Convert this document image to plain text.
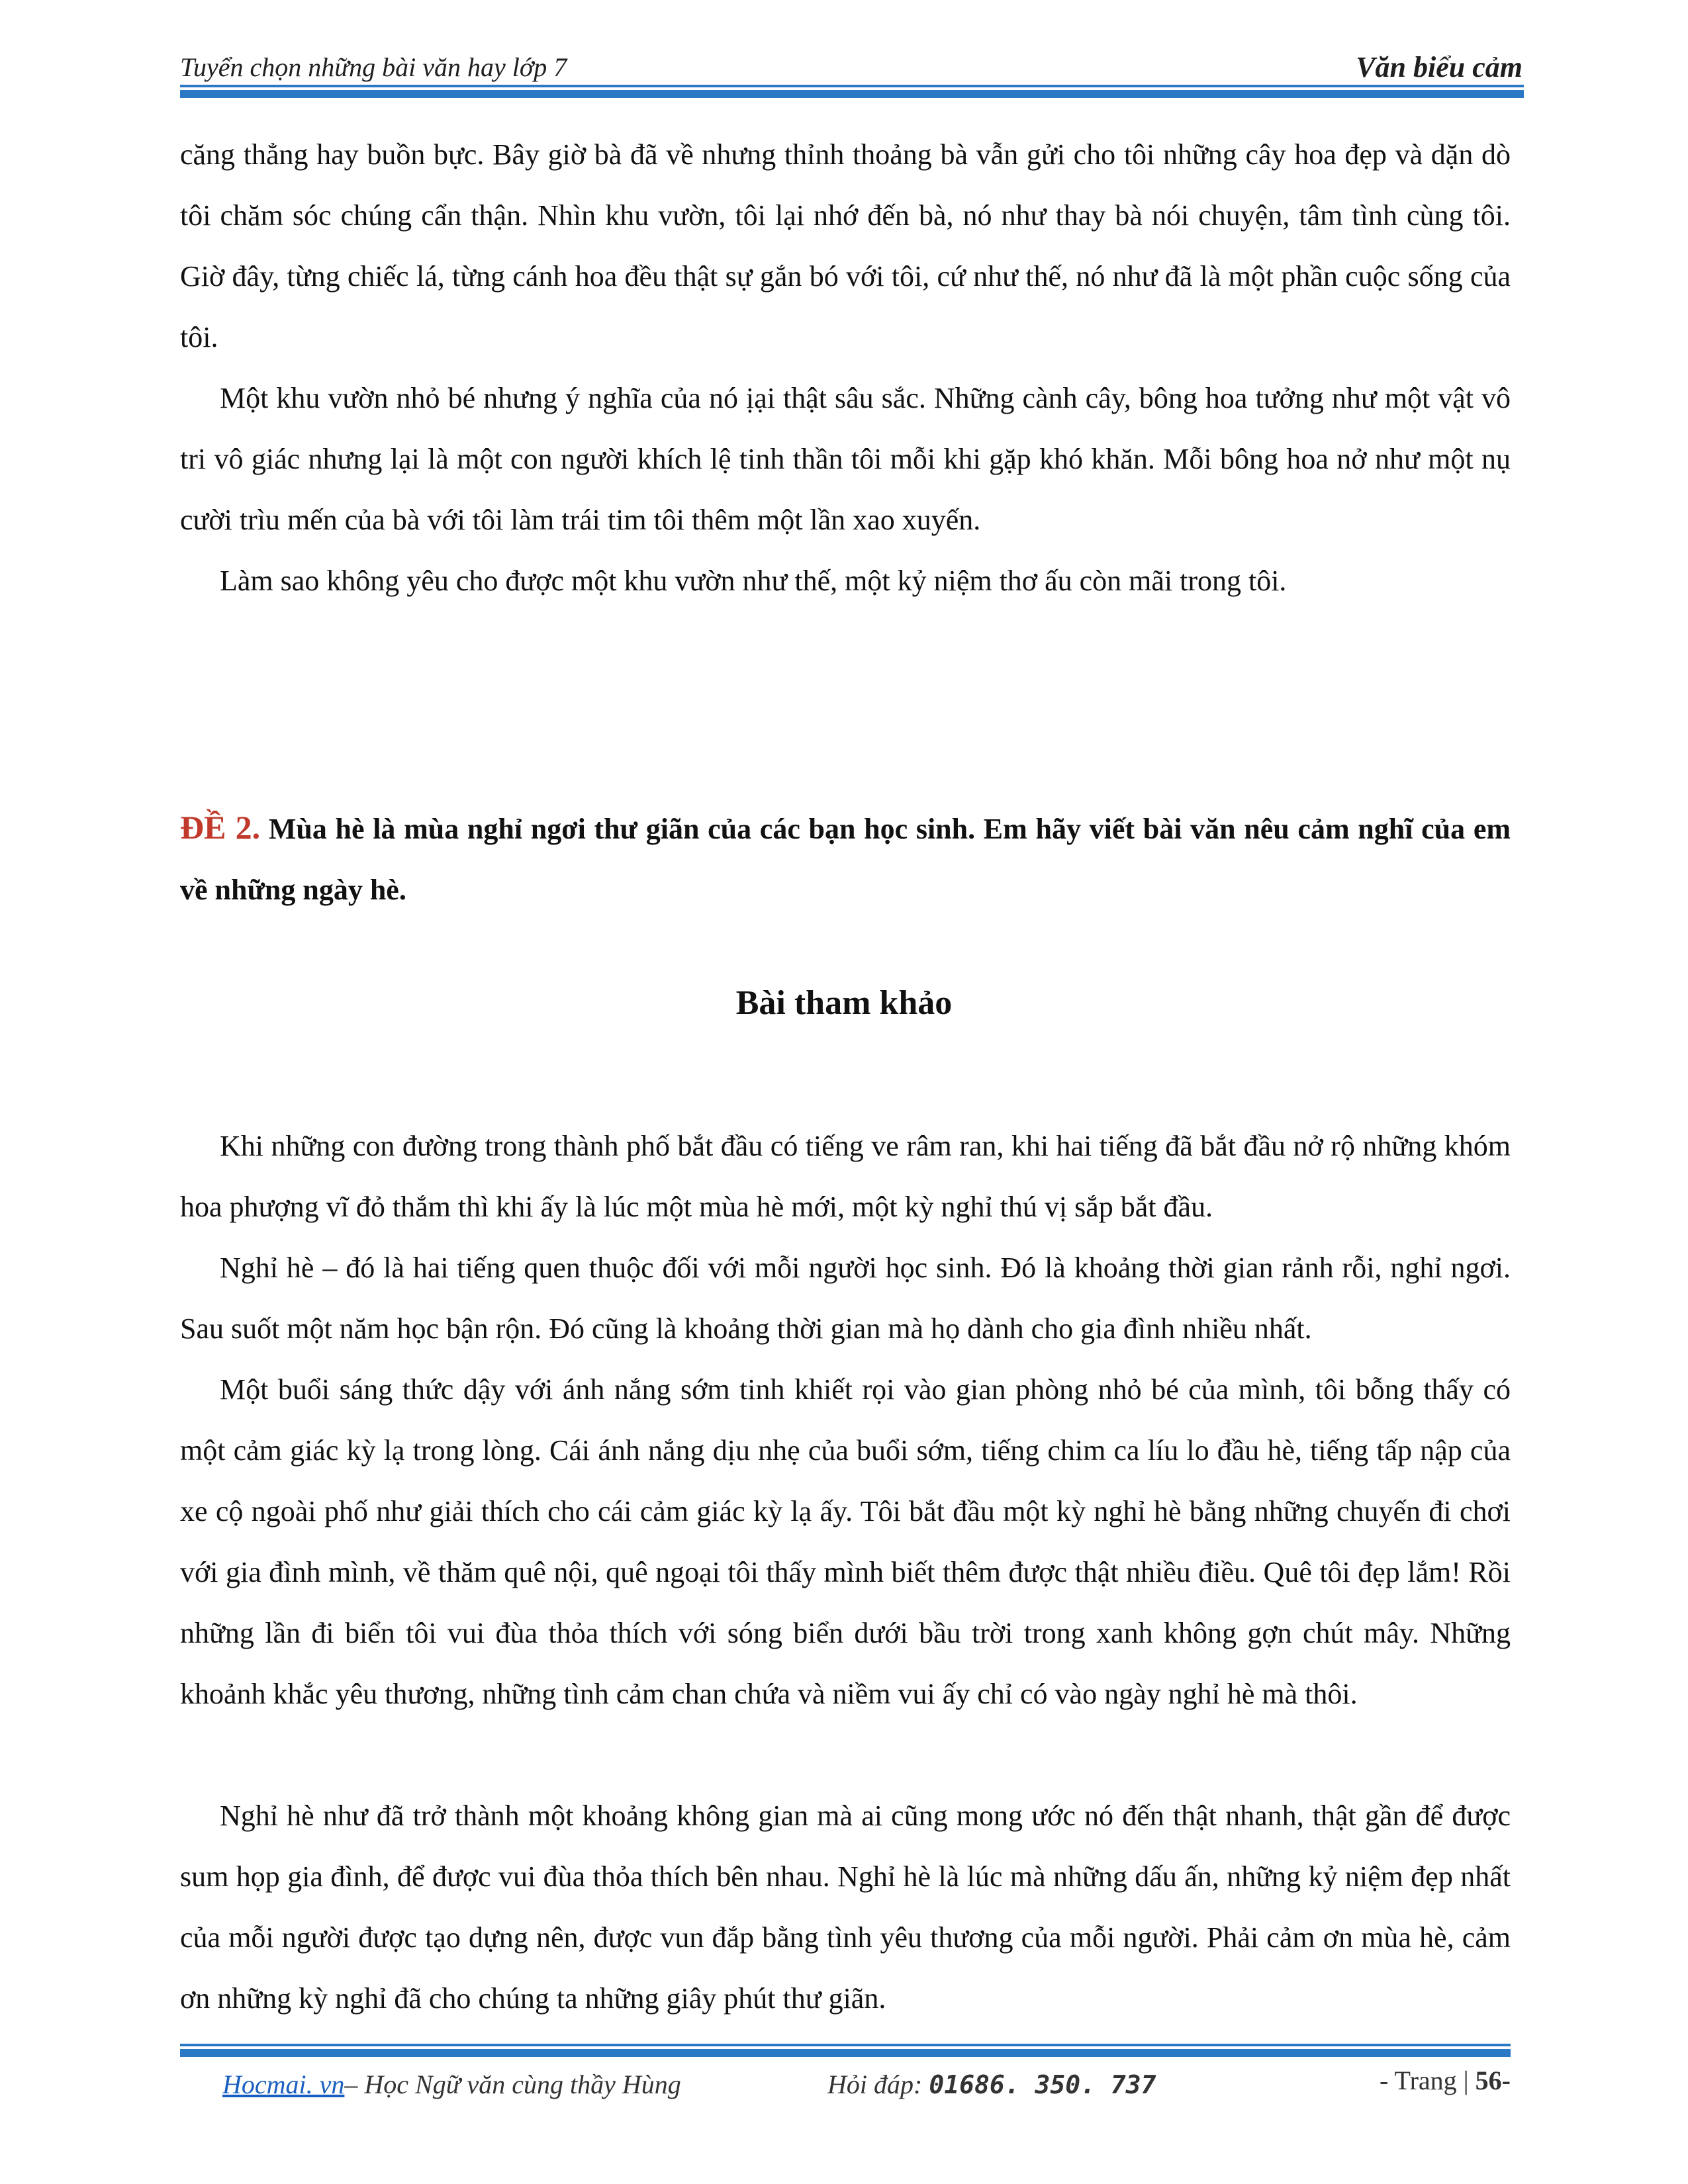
Tuyển chọn những bài văn hay lớp 7	Văn biểu cảm

căng thẳng hay buồn bực. Bây giờ bà đã về nhưng thỉnh thoảng bà vẫn gửi cho tôi những cây hoa đẹp và dặn dò tôi chăm sóc chúng cẩn thận. Nhìn khu vườn, tôi lại nhớ đến bà, nó như thay bà nói chuyện, tâm tình cùng tôi. Giờ đây, từng chiếc lá, từng cánh hoa đều thật sự gắn bó với tôi, cứ như thế, nó như đã là một phần cuộc sống của tôi.

Một khu vườn nhỏ bé nhưng ý nghĩa của nó ịại thật sâu sắc. Những cành cây, bông hoa tưởng như một vật vô tri vô giác nhưng lại là một con người khích lệ tinh thần tôi mỗi khi gặp khó khăn. Mỗi bông hoa nở như một nụ cười trìu mến của bà với tôi làm trái tim tôi thêm một lần xao xuyến.

Làm sao không yêu cho được một khu vườn như thế, một kỷ niệm thơ ấu còn mãi trong tôi.

ĐỀ 2. Mùa hè là mùa nghỉ ngơi thư giãn của các bạn học sinh. Em hãy viết bài văn nêu cảm nghĩ của em về những ngày hè.

Bài tham khảo

Khi những con đường trong thành phố bắt đầu có tiếng ve râm ran, khi hai tiếng đã bắt đầu nở rộ những khóm hoa phượng vĩ đỏ thắm thì khi ấy là lúc một mùa hè mới, một kỳ nghỉ thú vị sắp bắt đầu.

Nghỉ hè – đó là hai tiếng quen thuộc đối với mỗi người học sinh. Đó là khoảng thời gian rảnh rỗi, nghỉ ngơi. Sau suốt một năm học bận rộn. Đó cũng là khoảng thời gian mà họ dành cho gia đình nhiều nhất.

Một buổi sáng thức dậy với ánh nắng sớm tinh khiết rọi vào gian phòng nhỏ bé của mình, tôi bỗng thấy có một cảm giác kỳ lạ trong lòng. Cái ánh nắng dịu nhẹ của buổi sớm, tiếng chim ca líu lo đầu hè, tiếng tấp nập của xe cộ ngoài phố như giải thích cho cái cảm giác kỳ lạ ấy. Tôi bắt đầu một kỳ nghỉ hè bằng những chuyến đi chơi với gia đình mình, về thăm quê nội, quê ngoại tôi thấy mình biết thêm được thật nhiều điều. Quê tôi đẹp lắm! Rồi những lần đi biển tôi vui đùa thỏa thích với sóng biển dưới bầu trời trong xanh không gợn chút mây. Những khoảnh khắc yêu thương, những tình cảm chan chứa và niềm vui ấy chỉ có vào ngày nghỉ hè mà thôi.

Nghỉ hè như đã trở thành một khoảng không gian mà ai cũng mong ước nó đến thật nhanh, thật gần để được sum họp gia đình, để được vui đùa thỏa thích bên nhau. Nghỉ hè là lúc mà những dấu ấn, những kỷ niệm đẹp nhất của mỗi người được tạo dựng nên, được vun đắp bằng tình yêu thương của mỗi người. Phải cảm ơn mùa hè, cảm ơn những kỳ nghỉ đã cho chúng ta những giây phút thư giãn.

Hocmai. vn– Học Ngữ văn cùng thầy Hùng	Hỏi đáp: 01686. 350. 737	- Trang | 56-
